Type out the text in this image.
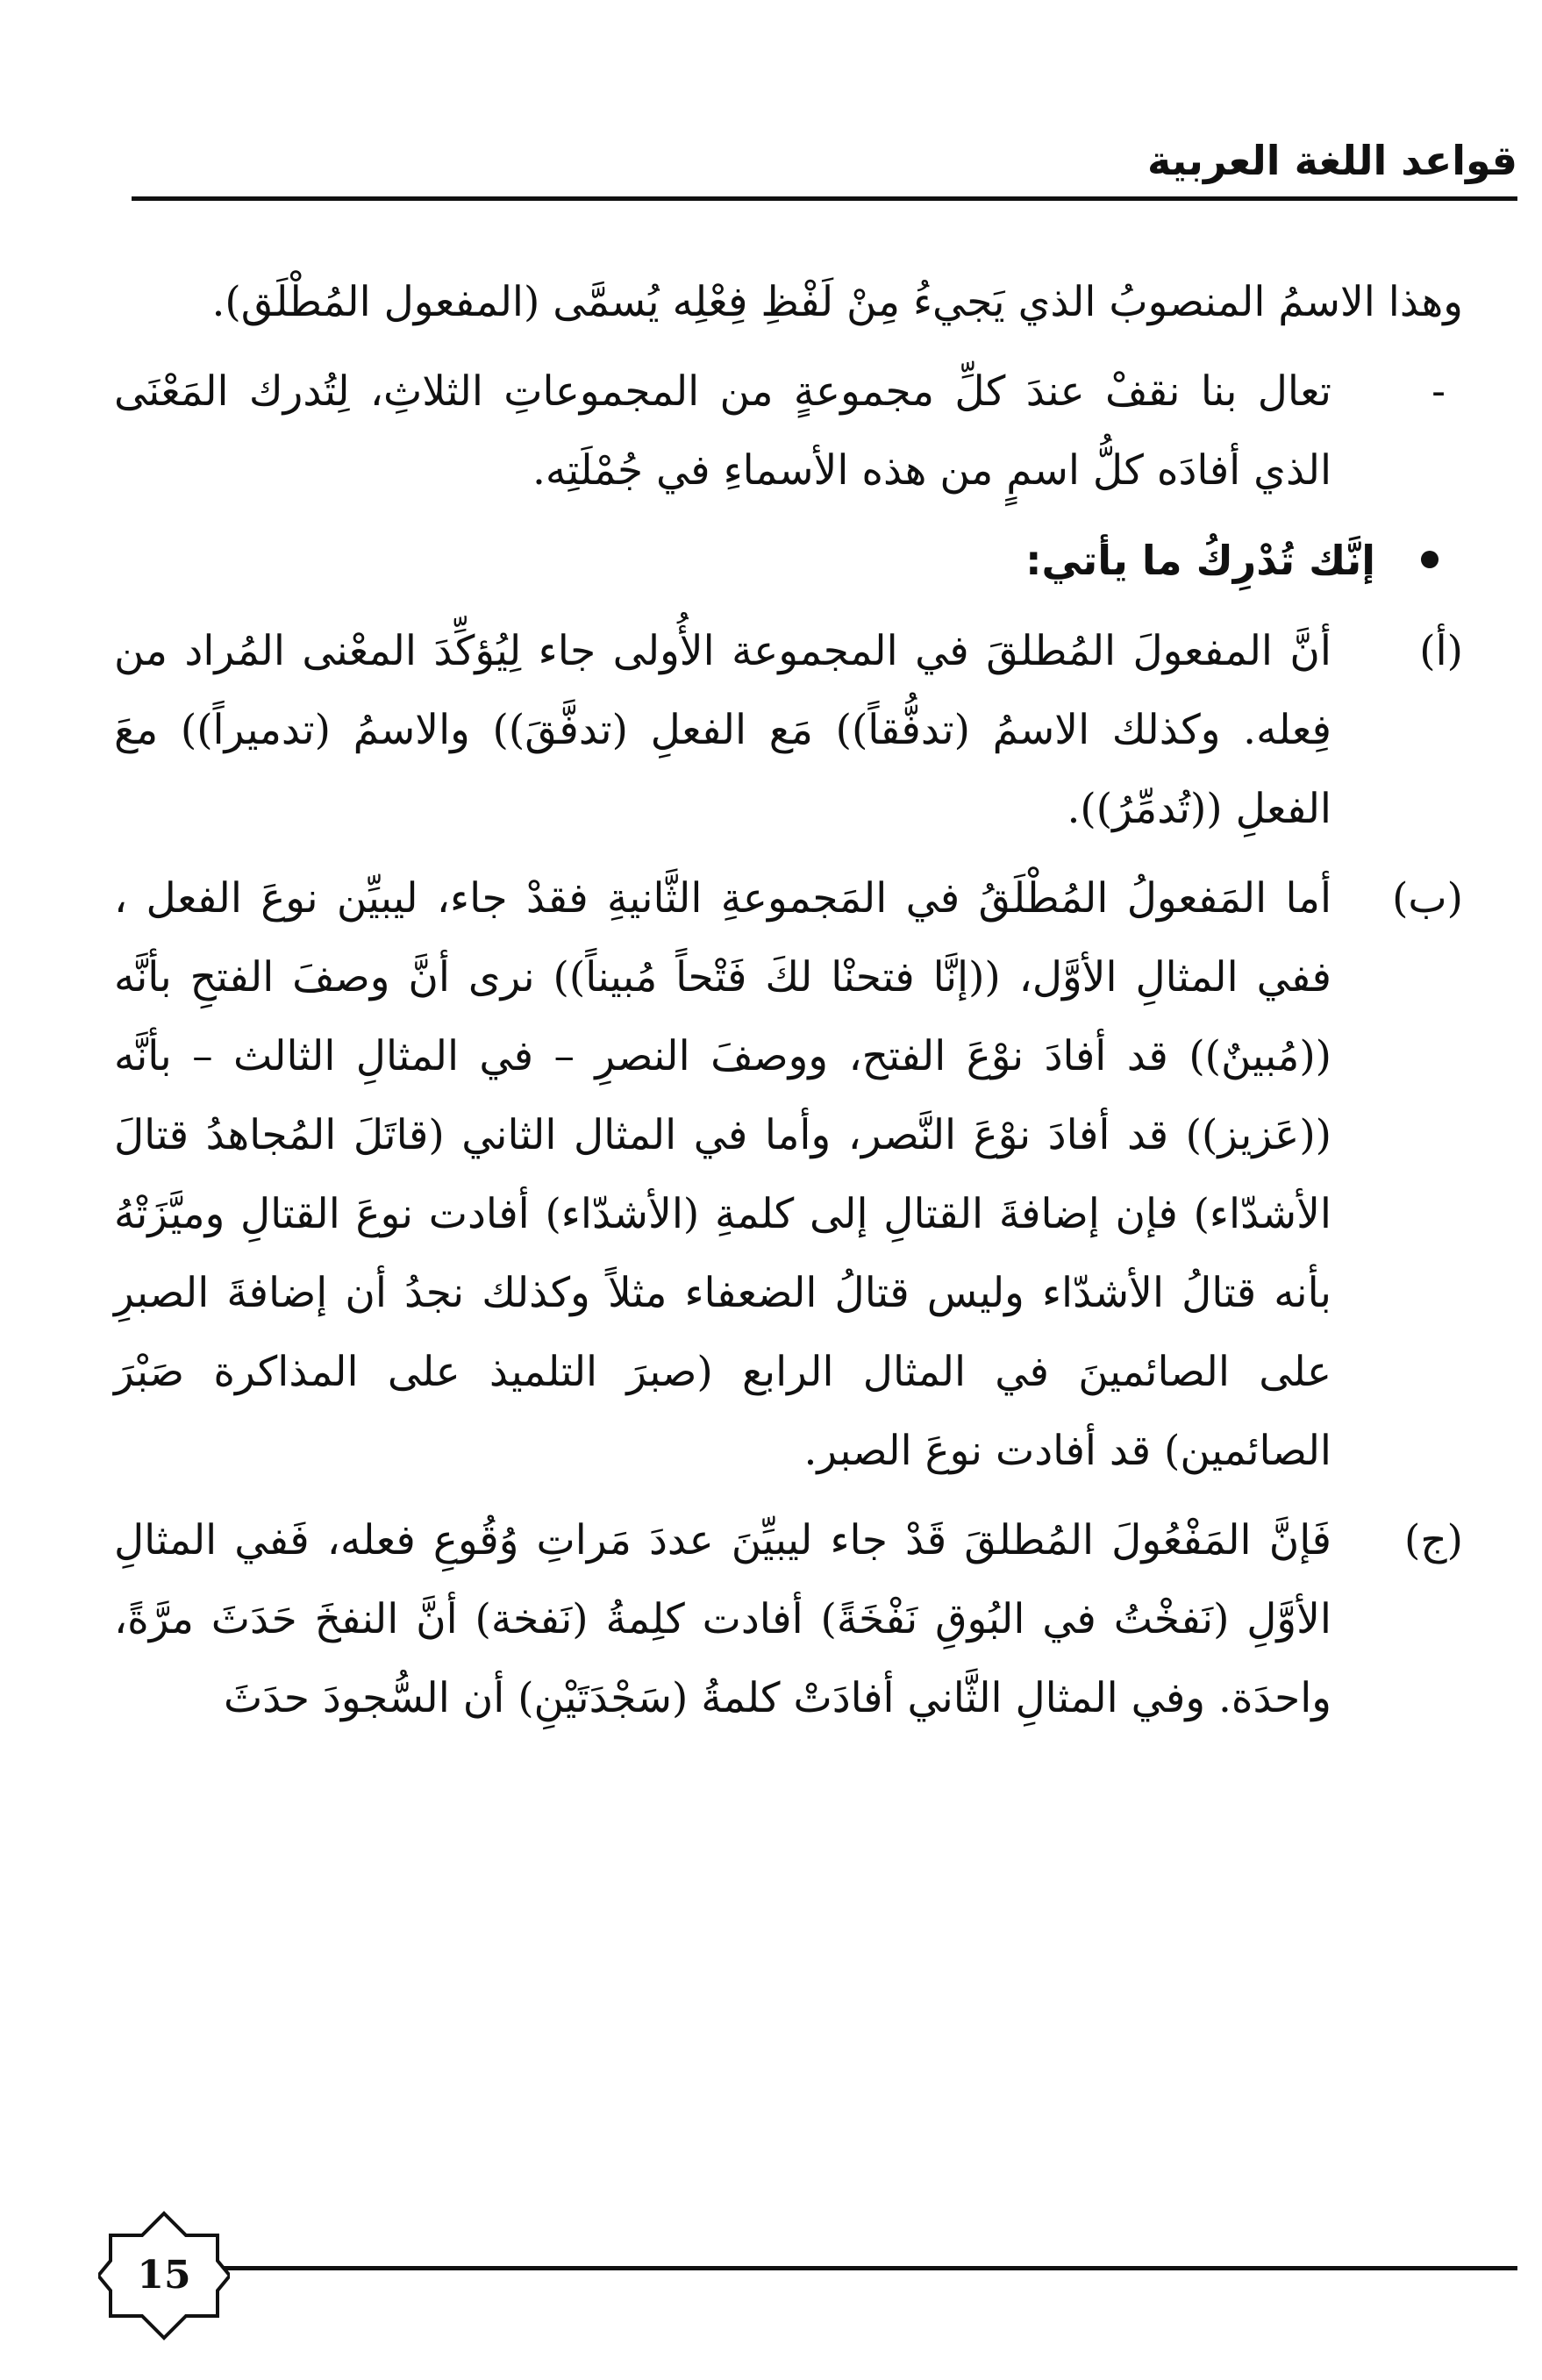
قواعد اللغة العربية

وهذا الاسمُ المنصوبُ الذي يَجيءُ مِنْ لَفْظِ فِعْلِه يُسمَّى (المفعول المُطْلَق).

-
تعال بنا نقفْ عندَ كلِّ مجموعةٍ من المجموعاتِ الثلاثِ، لِتُدرك المَعْنَى الذي أفادَه كلُّ اسمٍ من هذه الأسماءِ في جُمْلَتِه.

إنَّك تُدْرِكُ ما يأتي:

(أ)
أنَّ المفعولَ المُطلقَ في المجموعة الأُولى جاء لِيُؤكِّدَ المعْنى المُراد من فِعله. وكذلك الاسمُ (تدفُّقاً)) مَع الفعلِ (تدفَّقَ)) والاسمُ (تدميراً)) معَ الفعلِ ((تُدمِّرُ)).

(ب)
أما المَفعولُ المُطْلَقُ في المَجموعةِ الثَّانيةِ فقدْ جاء، ليبيِّن نوعَ الفعل ، ففي المثالِ الأوَّل، ((إنَّا فتحنْا لكَ فَتْحاً مُبيناً)) نرى أنَّ وصفَ الفتحِ بأنَّه ((مُبينٌ)) قد أفادَ نوْعَ الفتح، ووصفَ النصرِ – في المثالِ الثالث – بأنَّه ((عَزيز)) قد أفادَ نوْعَ النَّصر، وأما في المثال الثاني (قاتَلَ المُجاهدُ قتالَ الأشدّاء) فإن إضافةَ القتالِ إلى كلمةِ (الأشدّاء) أفادت نوعَ القتالِ وميَّزَتْهُ بأنه قتالُ الأشدّاء وليس قتالُ الضعفاء مثلاً وكذلك نجدُ أن إضافةَ الصبرِ على الصائمينَ في المثال الرابع (صبرَ التلميذ على المذاكرة صَبْرَ الصائمين) قد أفادت نوعَ الصبر.

(ج)
فَإنَّ المَفْعُولَ المُطلقَ قَدْ جاء ليبيِّنَ عددَ مَراتِ وُقُوعِ فعله، فَفي المثالِ الأوَّلِ (نَفخْتُ في البُوقِ نَفْخَةً) أفادت كلِمةُ (نَفخة) أنَّ النفخَ حَدَثَ مرَّةً، واحدَة. وفي المثالِ الثَّاني أفادَتْ كلمةُ (سَجْدَتَيْنِ) أن السُّجودَ حدَثَ

15
